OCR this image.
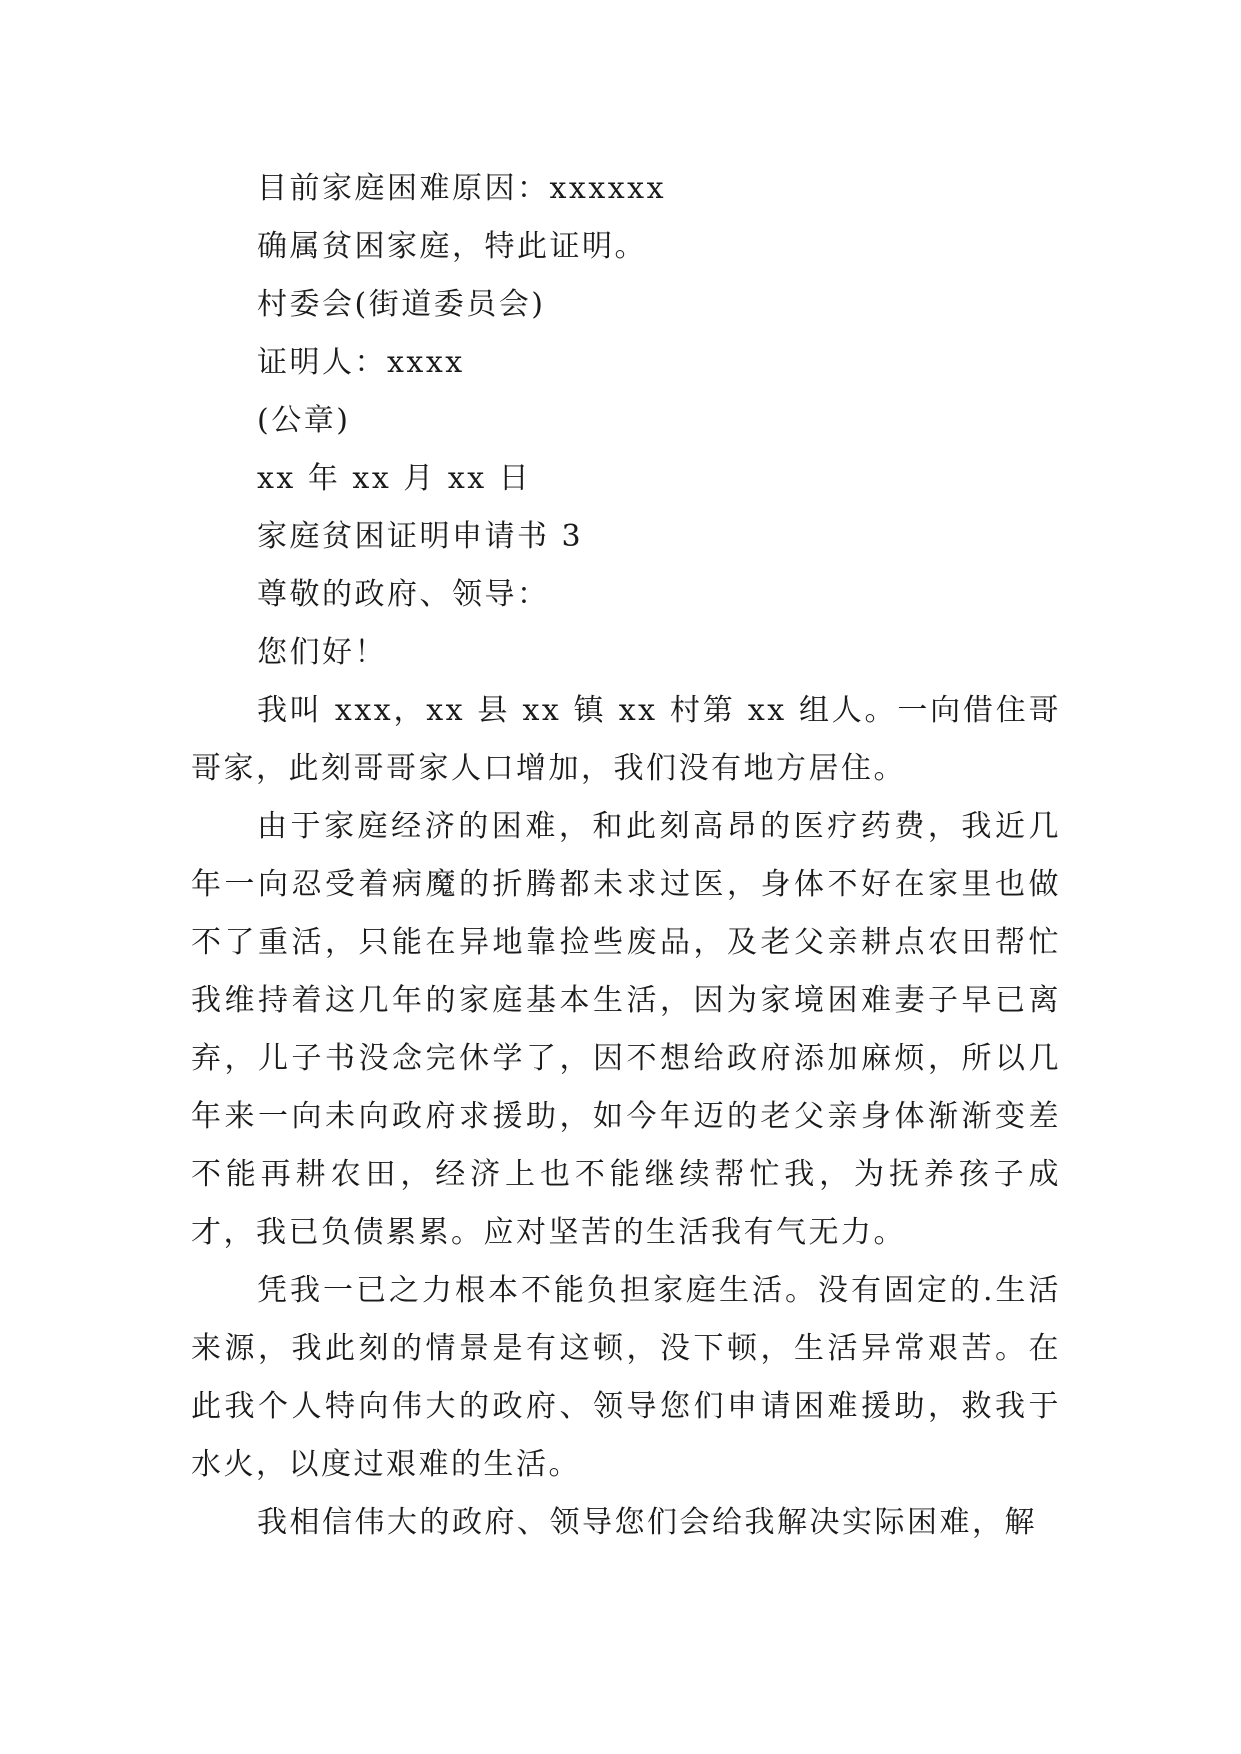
目前家庭困难原因：xxxxxx

确属贫困家庭，特此证明。

村委会(街道委员会)

证明人：xxxx

(公章)

xx 年 xx 月 xx 日

家庭贫困证明申请书 3

尊敬的政府、领导：

您们好！

我叫 xxx，xx 县 xx 镇 xx 村第 xx 组人。一向借住哥哥家，此刻哥哥家人口增加，我们没有地方居住。

由于家庭经济的困难，和此刻高昂的医疗药费，我近几年一向忍受着病魔的折腾都未求过医，身体不好在家里也做不了重活，只能在异地靠捡些废品，及老父亲耕点农田帮忙我维持着这几年的家庭基本生活，因为家境困难妻子早已离弃，儿子书没念完休学了，因不想给政府添加麻烦，所以几年来一向未向政府求援助，如今年迈的老父亲身体渐渐变差不能再耕农田，经济上也不能继续帮忙我，为抚养孩子成才，我已负债累累。应对坚苦的生活我有气无力。

凭我一已之力根本不能负担家庭生活。没有固定的.生活来源，我此刻的情景是有这顿，没下顿，生活异常艰苦。在此我个人特向伟大的政府、领导您们申请困难援助，救我于水火，以度过艰难的生活。

我相信伟大的政府、领导您们会给我解决实际困难，解
